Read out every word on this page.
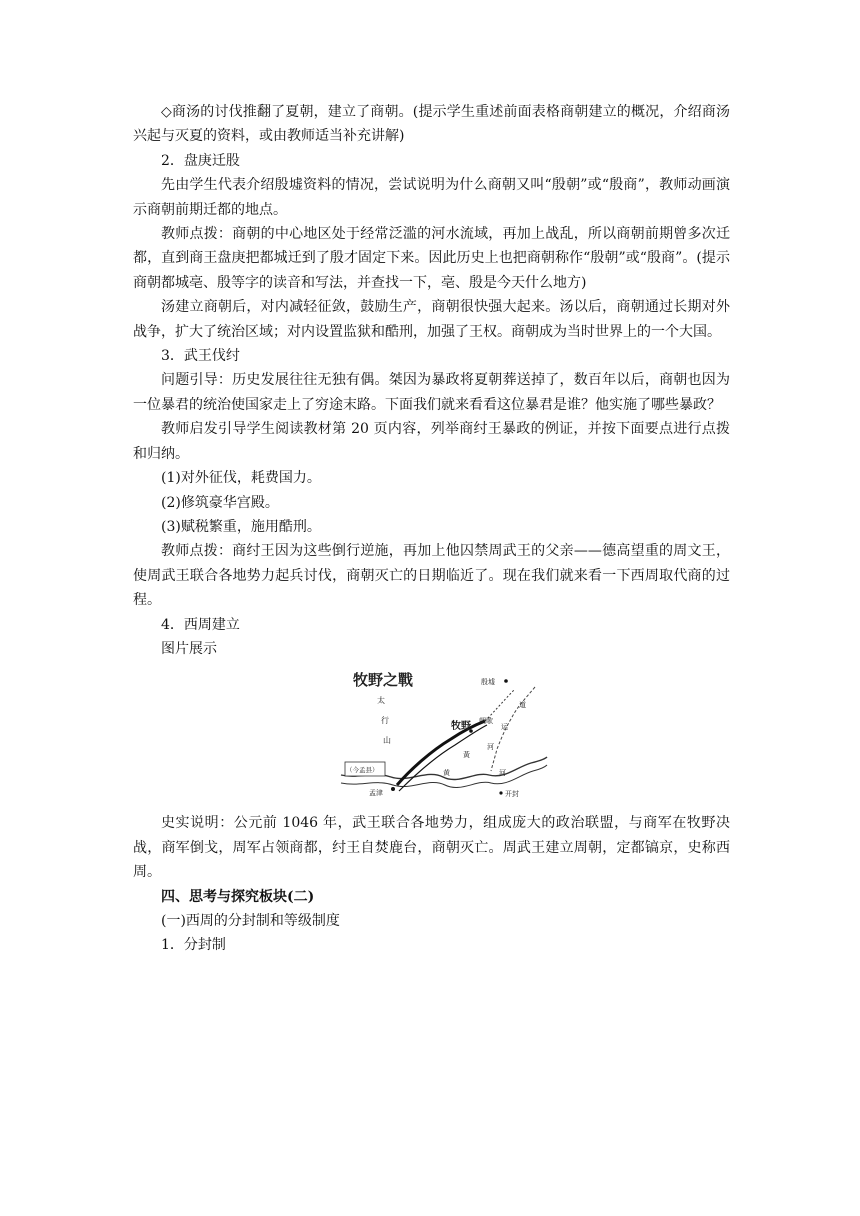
◇商汤的讨伐推翻了夏朝，建立了商朝。(提示学生重述前面表格商朝建立的概况，介绍商汤兴起与灭夏的资料，或由教师适当补充讲解)

2．盘庚迁股

先由学生代表介绍殷墟资料的情况，尝试说明为什么商朝又叫“殷朝”或“殷商”，教师动画演示商朝前期迁都的地点。

教师点拨：商朝的中心地区处于经常泛滥的河水流域，再加上战乱，所以商朝前期曾多次迁都，直到商王盘庚把都城迁到了殷才固定下来。因此历史上也把商朝称作“殷朝”或“殷商”。(提示商朝都城亳、殷等字的读音和写法，并查找一下，亳、殷是今天什么地方)

汤建立商朝后，对内减轻征敛，鼓励生产，商朝很快强大起来。汤以后，商朝通过长期对外战争，扩大了统治区域；对内设置监狱和酷刑，加强了王权。商朝成为当时世界上的一个大国。

3．武王伐纣

问题引导：历史发展往往无独有偶。桀因为暴政将夏朝葬送掉了，数百年以后，商朝也因为一位暴君的统治使国家走上了穷途末路。下面我们就来看看这位暴君是谁？他实施了哪些暴政？

教师启发引导学生阅读教材第 20 页内容，列举商纣王暴政的例证，并按下面要点进行点拨和归纳。

(1)对外征伐，耗费国力。

(2)修筑豪华宫殿。

(3)赋税繁重，施用酷刑。

教师点拨：商纣王因为这些倒行逆施，再加上他囚禁周武王的父亲——德高望重的周文王，使周武王联合各地势力起兵讨伐，商朝灭亡的日期临近了。现在我们就来看一下西周取代商的过程。

4．西周建立

图片展示

牧野之戰	殷墟
太
行
山
牧野 朝歌
道
运
黃
河
黄	河
（今孟县）
孟津	开封

史实说明：公元前 1046 年，武王联合各地势力，组成庞大的政治联盟，与商军在牧野决战，商军倒戈，周军占领商都，纣王自焚鹿台，商朝灭亡。周武王建立周朝，定都镐京，史称西周。

四、思考与探究板块(二)

(一)西周的分封制和等级制度

1．分封制
